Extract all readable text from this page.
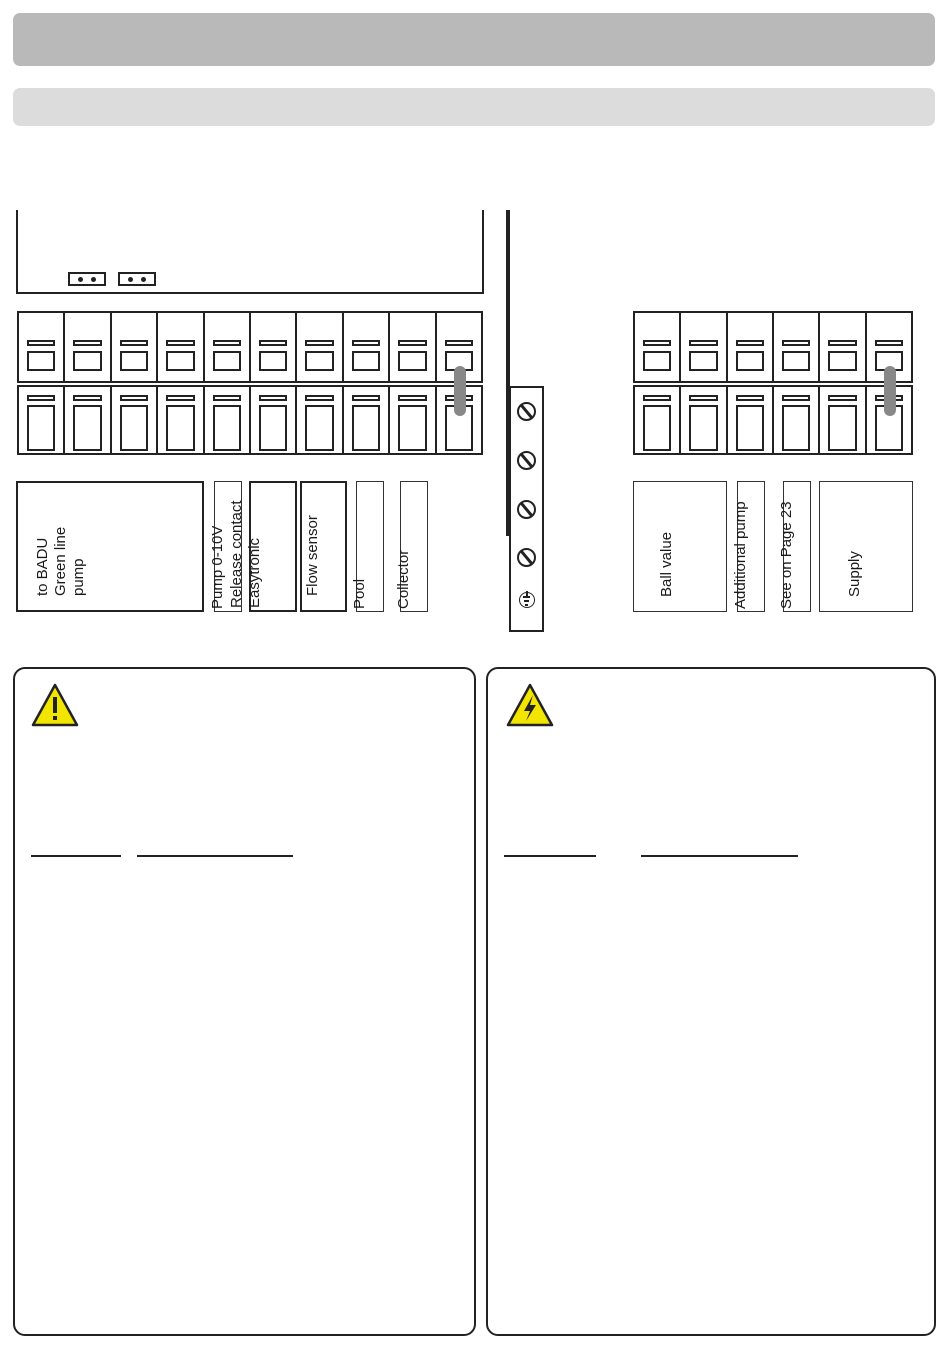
to BADU
Green line
pump	Pump 0-10V Release contact
Easytronic	Flow sensor Pool Collector	Ball value	Additional pump See on Page 23	Supply
